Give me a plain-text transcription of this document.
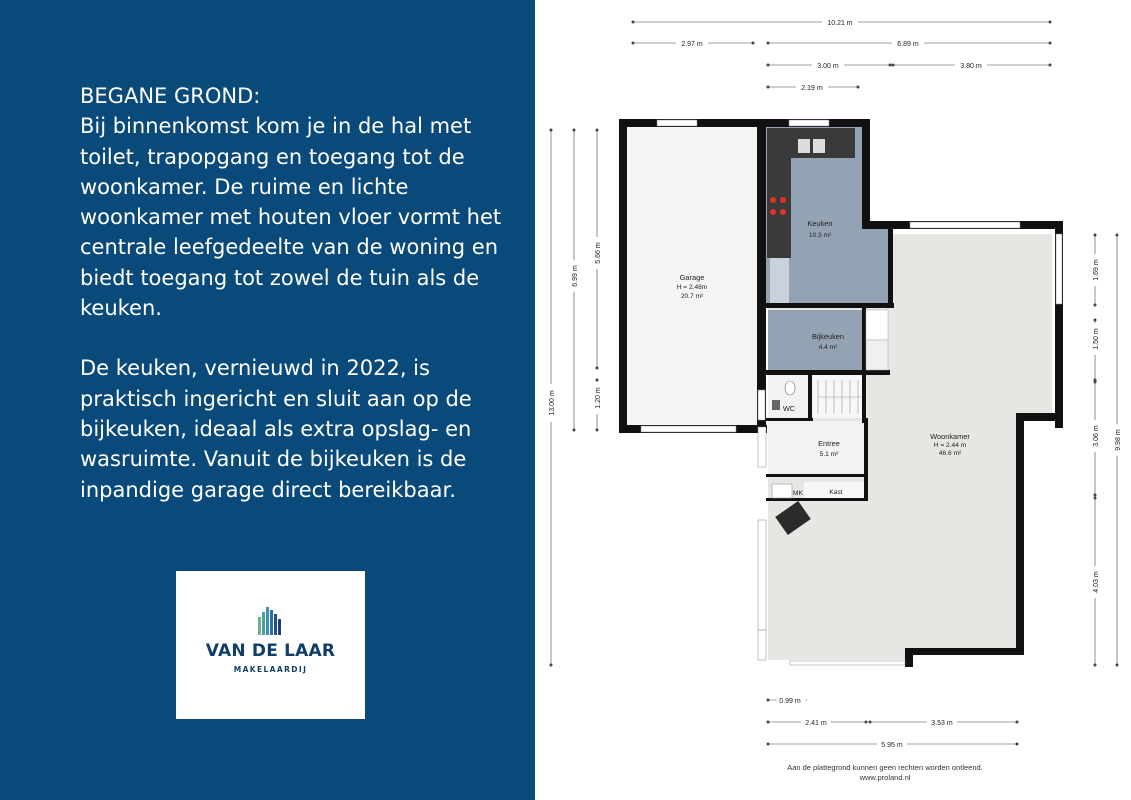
BEGANE GROND:
Bij binnenkomst kom je in de hal met toilet, trapopgang en toegang tot de woonkamer. De ruime en lichte woonkamer met houten vloer vormt het centrale leefgedeelte van de woning en biedt toegang tot zowel de tuin als de keuken.

De keuken, vernieuwd in 2022, is praktisch ingericht en sluit aan op de bijkeuken, ideaal als extra opslag- en wasruimte. Vanuit de bijkeuken is de inpandige garage direct bereikbaar.

VAN DE LAAR
MAKELAARDIJ
10.21 m
2.97 m	6.89 m
3.00 m	3.80 m
2.19 m
13.00 m
6.99 m
5.66 m
1.20 m
9.98 m
1.69 m
1.50 m
3.06 m
4.03 m
0.99 m
2.41 m	3.53 m
5.95 m
Garage
H = 2.48m
20.7 m²
Keuken
10.3 m²
Bijkeuken
4.4 m²
WC
Entree
5.1 m²
Woonkamer
H = 2.44 m
46.6 m²
MK	Kast
Aan de plattegrond kunnen geen rechten worden ontleend.
www.proland.nl
